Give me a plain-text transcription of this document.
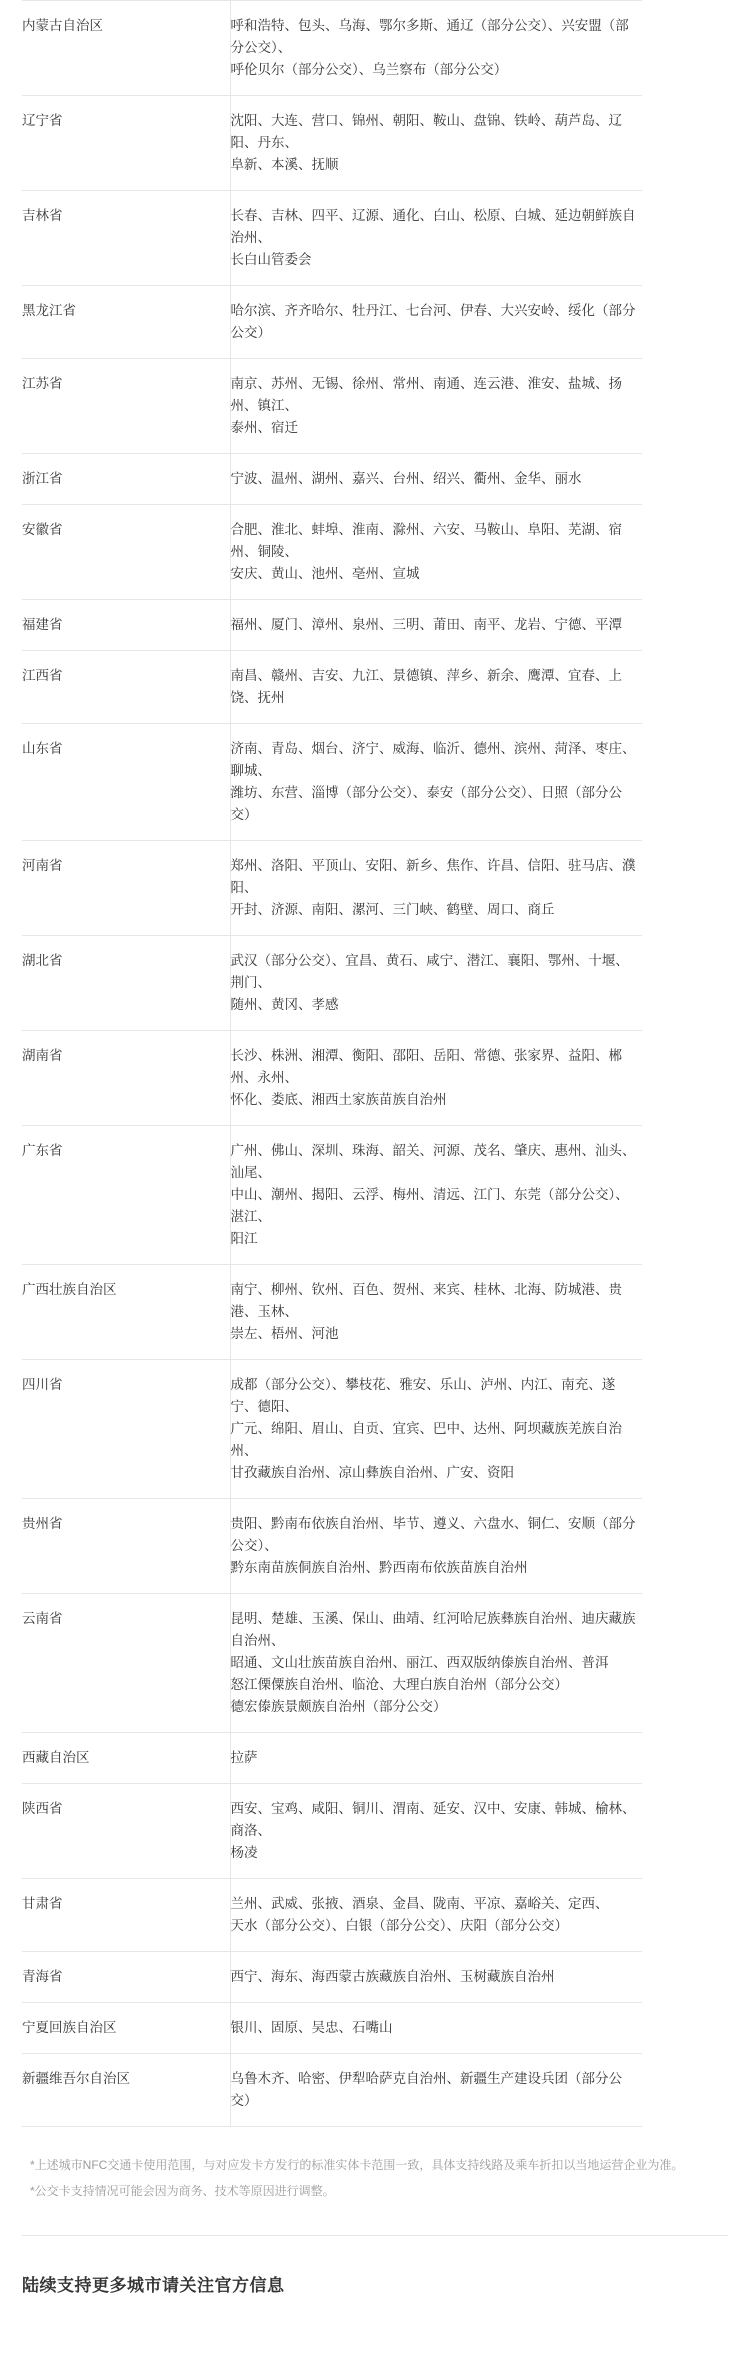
内蒙古自治区	呼和浩特、包头、乌海、鄂尔多斯、通辽（部分公交）、兴安盟（部分公交）、
呼伦贝尔（部分公交）、乌兰察布（部分公交）

辽宁省	沈阳、大连、营口、锦州、朝阳、鞍山、盘锦、铁岭、葫芦岛、辽阳、丹东、
阜新、本溪、抚顺

吉林省	长春、吉林、四平、辽源、通化、白山、松原、白城、延边朝鲜族自治州、
长白山管委会

黑龙江省	哈尔滨、齐齐哈尔、牡丹江、七台河、伊春、大兴安岭、绥化（部分公交）

江苏省	南京、苏州、无锡、徐州、常州、南通、连云港、淮安、盐城、扬州、镇江、
泰州、宿迁

浙江省	宁波、温州、湖州、嘉兴、台州、绍兴、衢州、金华、丽水

安徽省	合肥、淮北、蚌埠、淮南、滁州、六安、马鞍山、阜阳、芜湖、宿州、铜陵、
安庆、黄山、池州、亳州、宣城

福建省	福州、厦门、漳州、泉州、三明、莆田、南平、龙岩、宁德、平潭

江西省	南昌、赣州、吉安、九江、景德镇、萍乡、新余、鹰潭、宜春、上饶、抚州

山东省	济南、青岛、烟台、济宁、威海、临沂、德州、滨州、菏泽、枣庄、聊城、
潍坊、东营、淄博（部分公交）、泰安（部分公交）、日照（部分公交）

河南省	郑州、洛阳、平顶山、安阳、新乡、焦作、许昌、信阳、驻马店、濮阳、
开封、济源、南阳、漯河、三门峡、鹤壁、周口、商丘

湖北省	武汉（部分公交）、宜昌、黄石、咸宁、潜江、襄阳、鄂州、十堰、荆门、
随州、黄冈、孝感

湖南省	长沙、株洲、湘潭、衡阳、邵阳、岳阳、常德、张家界、益阳、郴州、永州、
怀化、娄底、湘西土家族苗族自治州

广东省	广州、佛山、深圳、珠海、韶关、河源、茂名、肇庆、惠州、汕头、汕尾、
中山、潮州、揭阳、云浮、梅州、清远、江门、东莞（部分公交）、湛江、
阳江

广西壮族自治区	南宁、柳州、钦州、百色、贺州、来宾、桂林、北海、防城港、贵港、玉林、
崇左、梧州、河池

四川省	成都（部分公交）、攀枝花、雅安、乐山、泸州、内江、南充、遂宁、德阳、
广元、绵阳、眉山、自贡、宜宾、巴中、达州、阿坝藏族羌族自治州、
甘孜藏族自治州、凉山彝族自治州、广安、资阳

贵州省	贵阳、黔南布依族自治州、毕节、遵义、六盘水、铜仁、安顺（部分公交）、
黔东南苗族侗族自治州、黔西南布依族苗族自治州

云南省	昆明、楚雄、玉溪、保山、曲靖、红河哈尼族彝族自治州、迪庆藏族自治州、
昭通、文山壮族苗族自治州、丽江、西双版纳傣族自治州、普洱
怒江傈僳族自治州、临沧、大理白族自治州（部分公交）
德宏傣族景颇族自治州（部分公交）

西藏自治区	拉萨

陕西省	西安、宝鸡、咸阳、铜川、渭南、延安、汉中、安康、韩城、榆林、商洛、
杨凌

甘肃省	兰州、武威、张掖、酒泉、金昌、陇南、平凉、嘉峪关、定西、
天水（部分公交）、白银（部分公交）、庆阳（部分公交）

青海省	西宁、海东、海西蒙古族藏族自治州、玉树藏族自治州

宁夏回族自治区	银川、固原、吴忠、石嘴山

新疆维吾尔自治区	乌鲁木齐、哈密、伊犁哈萨克自治州、新疆生产建设兵团（部分公交）

*上述城市NFC交通卡使用范围，与对应发卡方发行的标准实体卡范围一致，具体支持线路及乘车折扣以当地运营企业为准。

*公交卡支持情况可能会因为商务、技术等原因进行调整。

陆续支持更多城市请关注官方信息
